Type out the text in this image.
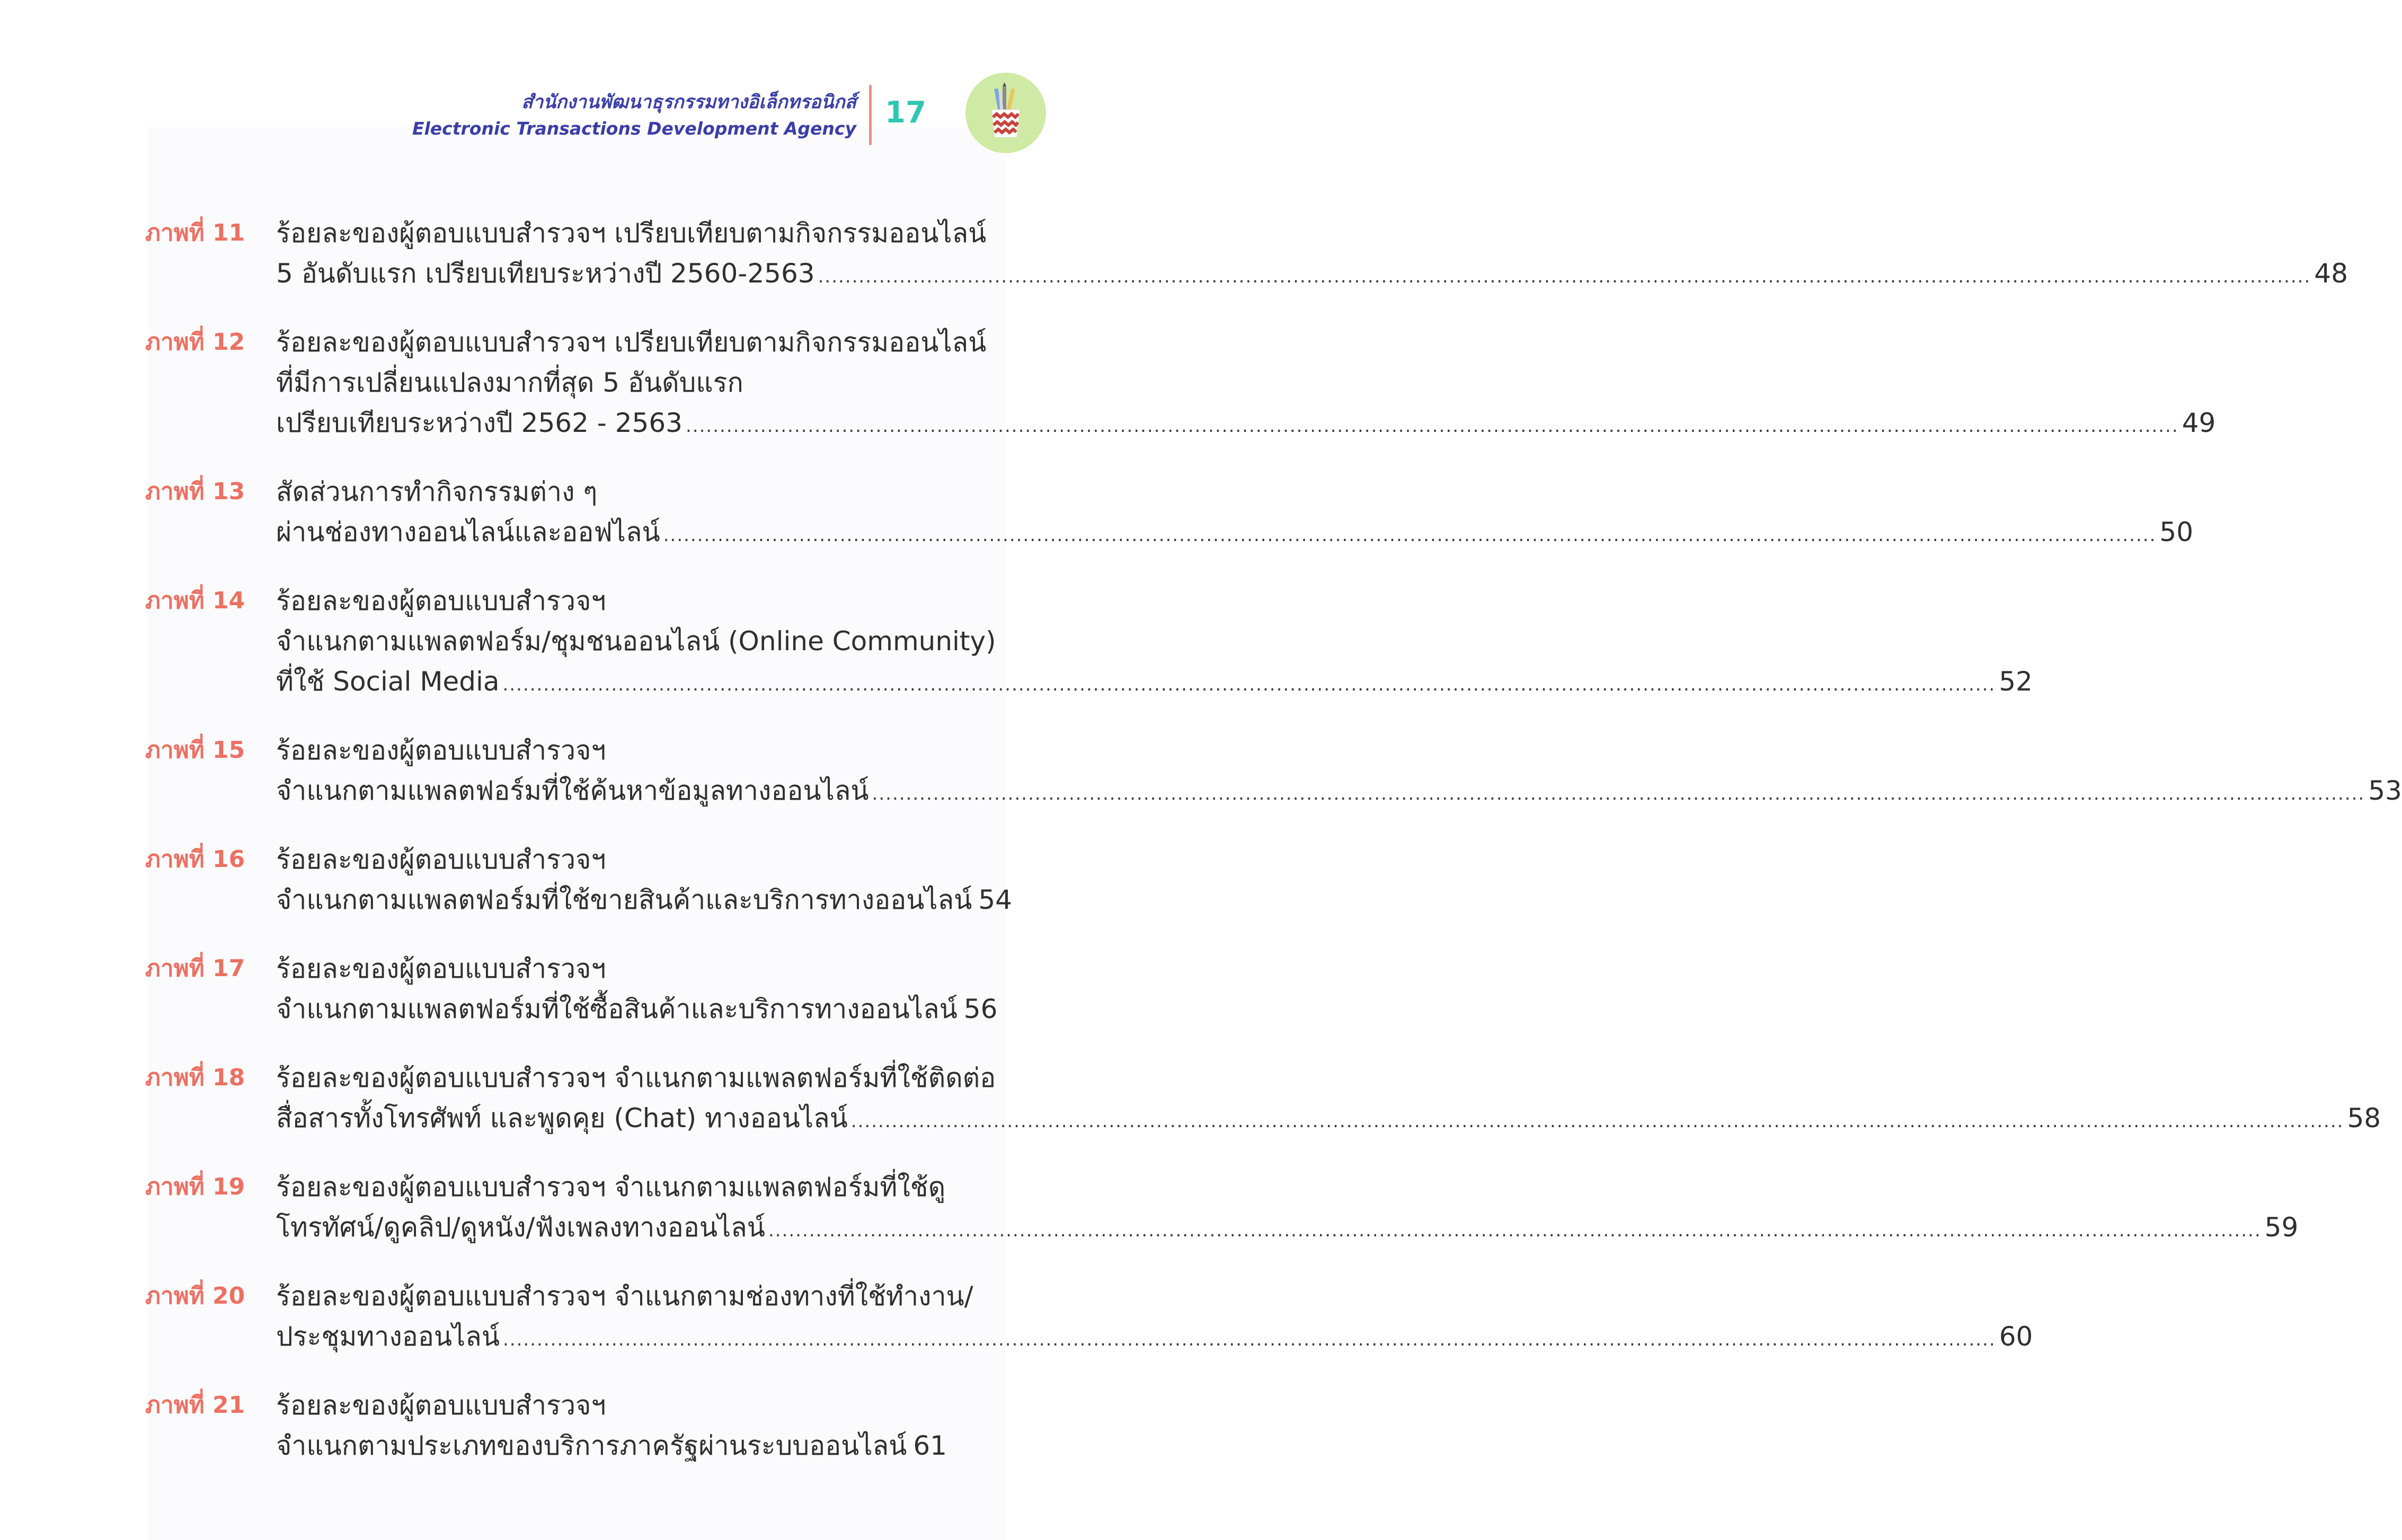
สำนักงานพัฒนาธุรกรรมทางอิเล็กทรอนิกส์
Electronic Transactions Development Agency 17
ภาพที่ 11 ร้อยละของผู้ตอบแบบสำรวจฯ เปรียบเทียบตามกิจกรรมออนไลน์
5 อันดับแรก เปรียบเทียบระหว่างปี 2560-2563 ............................................................................................................................................................................................................................ 48
ภาพที่ 12 ร้อยละของผู้ตอบแบบสำรวจฯ เปรียบเทียบตามกิจกรรมออนไลน์
ที่มีการเปลี่ยนแปลงมากที่สุด 5 อันดับแรก
เปรียบเทียบระหว่างปี 2562 - 2563 ............................................................................................................................................................................................................................ 49
ภาพที่ 13 สัดส่วนการทำกิจกรรมต่าง ๆ
ผ่านช่องทางออนไลน์และออฟไลน์ ............................................................................................................................................................................................................................ 50
ภาพที่ 14 ร้อยละของผู้ตอบแบบสำรวจฯ
จำแนกตามแพลตฟอร์ม/ชุมชนออนไลน์ (Online Community)
ที่ใช้ Social Media ............................................................................................................................................................................................................................ 52
ภาพที่ 15 ร้อยละของผู้ตอบแบบสำรวจฯ
จำแนกตามแพลตฟอร์มที่ใช้ค้นหาข้อมูลทางออนไลน์ ............................................................................................................................................................................................................................ 53
ภาพที่ 16 ร้อยละของผู้ตอบแบบสำรวจฯ
จำแนกตามแพลตฟอร์มที่ใช้ขายสินค้าและบริการทางออนไลน์ 54
ภาพที่ 17 ร้อยละของผู้ตอบแบบสำรวจฯ
จำแนกตามแพลตฟอร์มที่ใช้ซื้อสินค้าและบริการทางออนไลน์ 56
ภาพที่ 18 ร้อยละของผู้ตอบแบบสำรวจฯ จำแนกตามแพลตฟอร์มที่ใช้ติดต่อ
สื่อสารทั้งโทรศัพท์ และพูดคุย (Chat) ทางออนไลน์ ............................................................................................................................................................................................................................ 58
ภาพที่ 19 ร้อยละของผู้ตอบแบบสำรวจฯ จำแนกตามแพลตฟอร์มที่ใช้ดู
โทรทัศน์/ดูคลิป/ดูหนัง/ฟังเพลงทางออนไลน์ ............................................................................................................................................................................................................................ 59
ภาพที่ 20 ร้อยละของผู้ตอบแบบสำรวจฯ จำแนกตามช่องทางที่ใช้ทำงาน/
ประชุมทางออนไลน์ ............................................................................................................................................................................................................................ 60
ภาพที่ 21 ร้อยละของผู้ตอบแบบสำรวจฯ
จำแนกตามประเภทของบริการภาครัฐผ่านระบบออนไลน์ 61
